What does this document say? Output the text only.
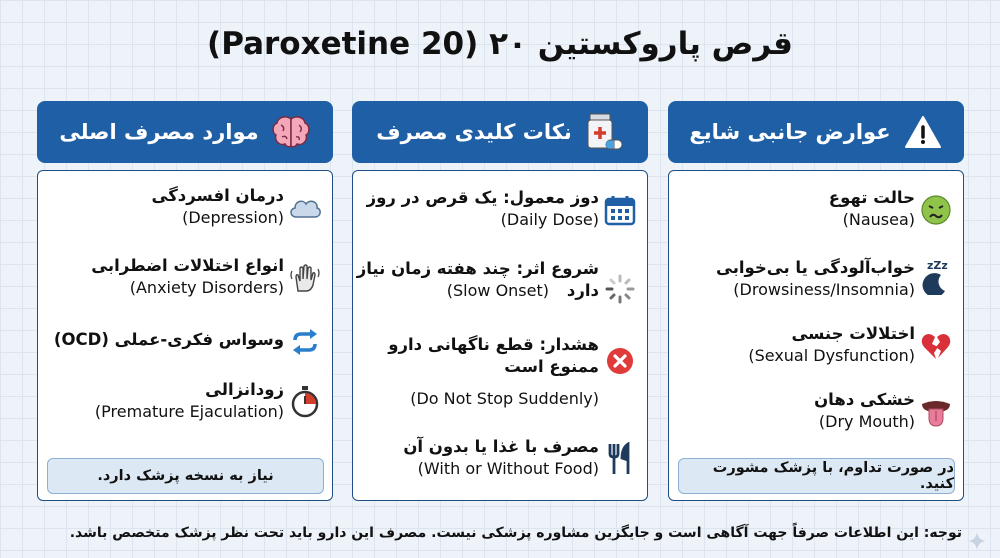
قرص پاروکستین ۲۰ (Paroxetine 20)
موارد مصرف اصلی
درمان افسردگی
(Depression)
انواع اختلالات اضطرابی
(Anxiety Disorders)
وسواس فکری-عملی (OCD)
زودانزالی
(Premature Ejaculation)
نیاز به نسخه پزشک دارد.
نکات کلیدی مصرف
دوز معمول: یک قرص در روز
(Daily Dose)
شروع اثر: چند هفته زمان نیاز
دارد
(Slow Onset)
هشدار: قطع ناگهانی دارو
ممنوع است
(Do Not Stop Suddenly)
مصرف با غذا یا بدون آن
(With or Without Food)
عوارض جانبی شایع
حالت تهوع
(Nausea)
خواب‌آلودگی یا بی‌خوابی
(Drowsiness/Insomnia)
zZz
اختلالات جنسی
(Sexual Dysfunction)
خشکی دهان
(Dry Mouth)
در صورت تداوم، با پزشک مشورت کنید.
توجه: این اطلاعات صرفاً جهت آگاهی است و جایگزین مشاوره پزشکی نیست. مصرف این دارو باید تحت نظر پزشک متخصص باشد.
